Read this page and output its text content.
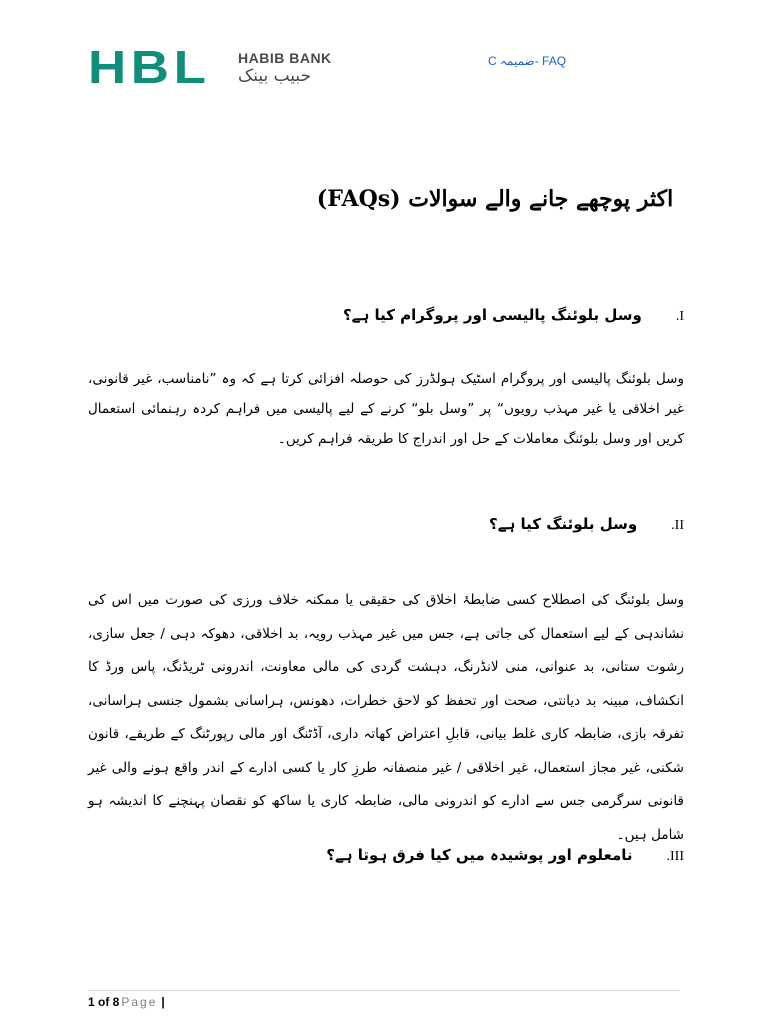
HBL HABIB BANK
حبیب بینک
C ضمیمہ- FAQ
اکثر پوچھے جانے والے سوالات (FAQs)
I.وسل بلوئنگ پالیسی اور پروگرام کیا ہے؟
وسل بلوئنگ پالیسی اور پروگرام اسٹیک ہولڈرز کی حوصلہ افزائی کرتا ہے کہ وہ ”نامناسب، غیر قانونی، غیر اخلاقی یا غیر مہذب رویوں“ پر ”وسل بلو“ کرنے کے لیے پالیسی میں فراہم کردہ رہنمائی استعمال کریں اور وسل بلوئنگ معاملات کے حل اور اندراج کا طریقہ فراہم کریں۔
II.وسل بلوئنگ کیا ہے؟
وسل بلوئنگ کی اصطلاح کسی ضابطۂ اخلاق کی حقیقی یا ممکنہ خلاف ورزی کی صورت میں اس کی نشاندہی کے لیے استعمال کی جاتی ہے، جس میں غیر مہذب رویہ، بد اخلاقی، دھوکہ دہی / جعل سازی، رشوت ستانی، بد عنوانی، منی لانڈرنگ، دہشت گردی کی مالی معاونت، اندرونی ٹریڈنگ، پاس ورڈ کا انکشاف، مبینہ بد دیانتی، صحت اور تحفظ کو لاحق خطرات، دھونس، ہراسانی بشمول جنسی ہراسانی، تفرقہ بازی، ضابطہ کاری غلط بیانی، قابلِ اعتراض کھاتہ داری، آڈٹنگ اور مالی رپورٹنگ کے طریقے، قانون شکنی، غیر مجاز استعمال، غیر اخلاقی / غیر منصفانہ طرزِ کار یا کسی ادارے کے اندر واقع ہونے والی غیر قانونی سرگرمی جس سے ادارے کو اندرونی مالی، ضابطہ کاری یا ساکھ کو نقصان پہنچنے کا اندیشہ ہو شامل ہیں۔
III.نامعلوم اور پوشیدہ میں کیا فرق ہوتا ہے؟
1 of 8 Page |
